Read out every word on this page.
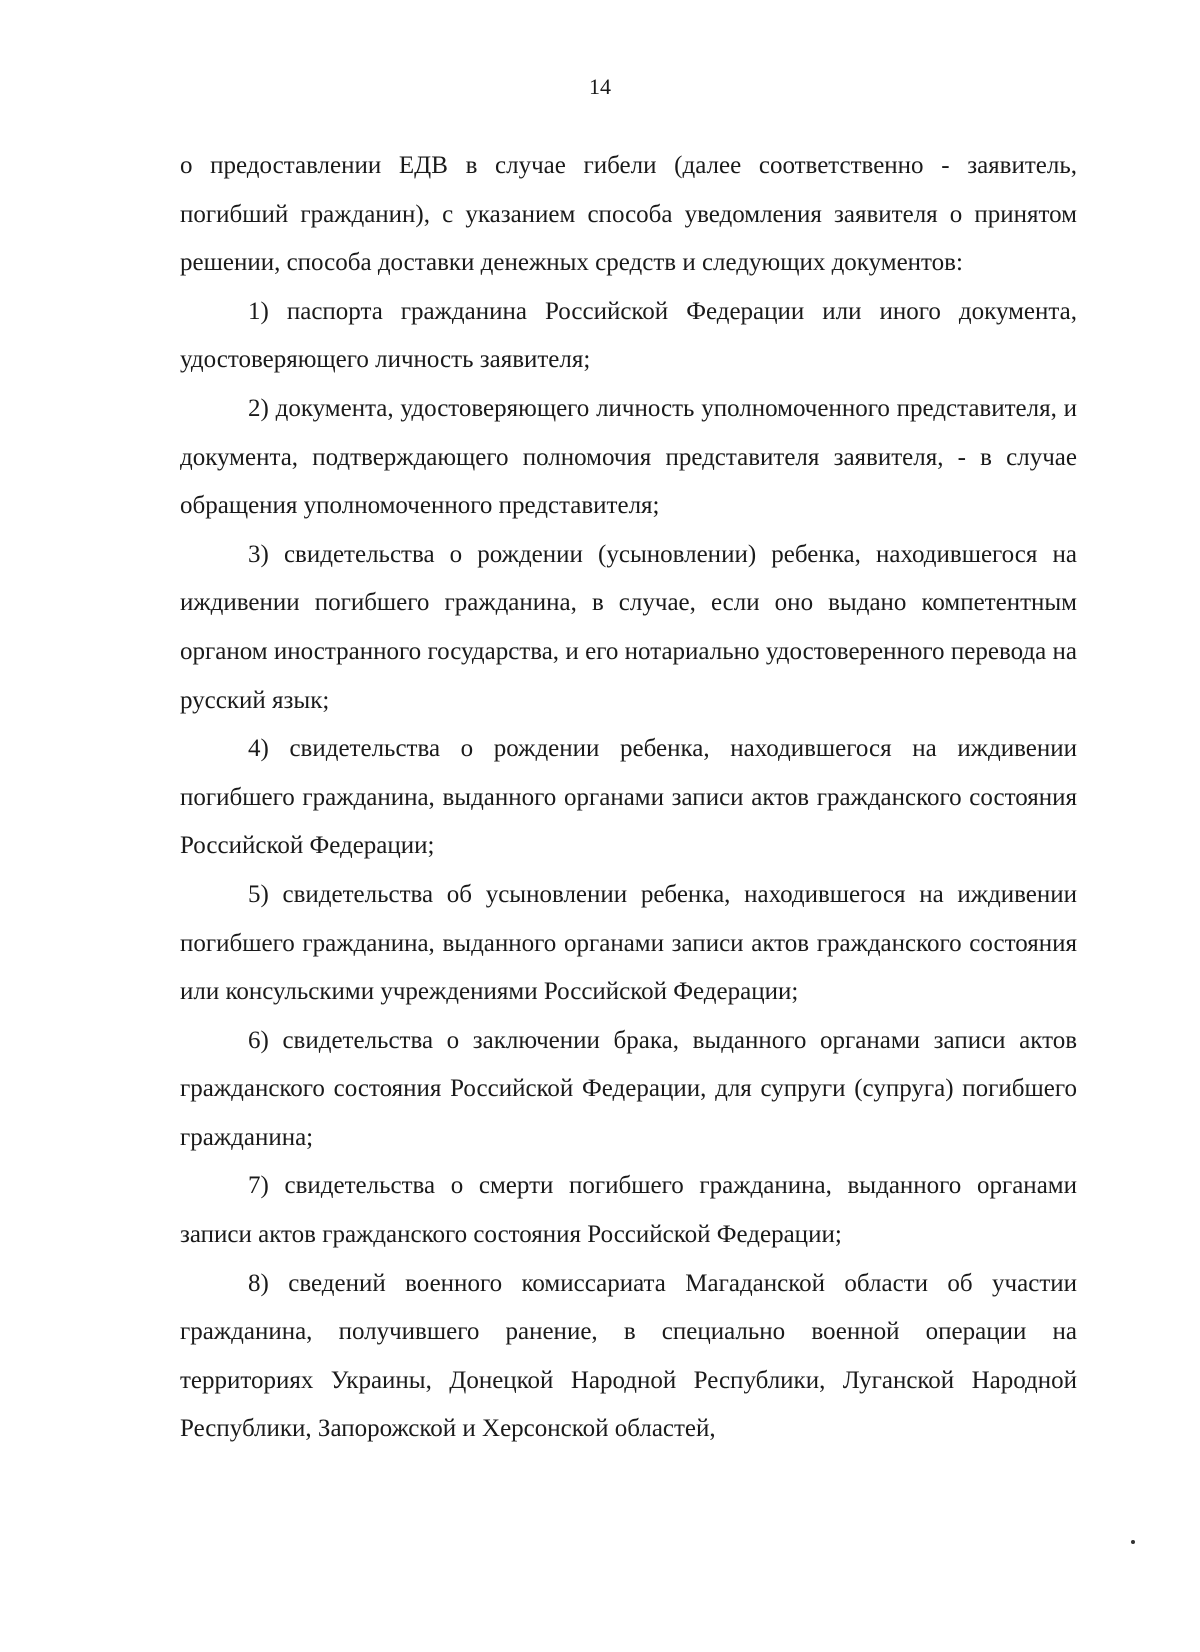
14

о предоставлении ЕДВ в случае гибели (далее соответственно - заявитель, погибший гражданин), с указанием способа уведомления заявителя о принятом решении, способа доставки денежных средств и следующих документов:

1) паспорта гражданина Российской Федерации или иного документа, удостоверяющего личность заявителя;

2) документа, удостоверяющего личность уполномоченного представителя, и документа, подтверждающего полномочия представителя заявителя, - в случае обращения уполномоченного представителя;

3) свидетельства о рождении (усыновлении) ребенка, находившегося на иждивении погибшего гражданина, в случае, если оно выдано компетентным органом иностранного государства, и его нотариально удостоверенного перевода на русский язык;

4) свидетельства о рождении ребенка, находившегося на иждивении погибшего гражданина, выданного органами записи актов гражданского состояния Российской Федерации;

5) свидетельства об усыновлении ребенка, находившегося на иждивении погибшего гражданина, выданного органами записи актов гражданского состояния или консульскими учреждениями Российской Федерации;

6) свидетельства о заключении брака, выданного органами записи актов гражданского состояния Российской Федерации, для супруги (супруга) погибшего гражданина;

7) свидетельства о смерти погибшего гражданина, выданного органами записи актов гражданского состояния Российской Федерации;

8) сведений военного комиссариата Магаданской области об участии гражданина, получившего ранение, в специально военной операции на территориях Украины, Донецкой Народной Республики, Луганской Народной Республики, Запорожской и Херсонской областей,
